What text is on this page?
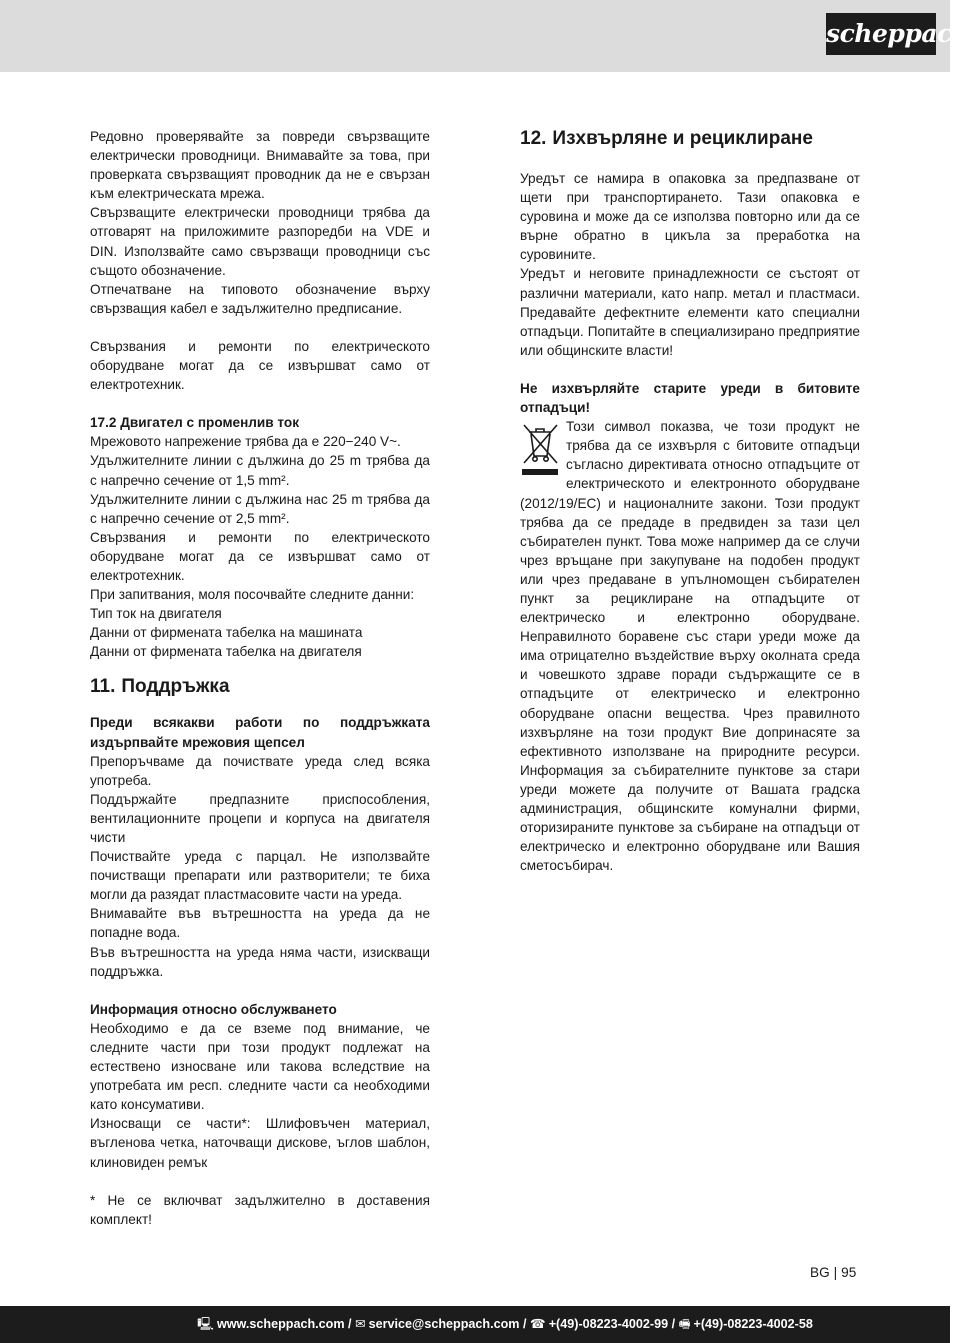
scheppach
Редовно проверявайте за повреди свързващите електрически проводници. Внимавайте за това, при проверката свързващият проводник да не е свързан към електрическата мрежа.
Свързващите електрически проводници трябва да отговарят на приложимите разпоредби на VDE и DIN. Използвайте само свързващи проводници със същото обозначение.
Отпечатване на типовото обозначение върху свързващия кабел е задължително предписание.
Свързвания и ремонти по електрическото оборудване могат да се извършват само от електротехник.
17.2 Двигател с променлив ток
Мрежовото напрежение трябва да е 220−240 V~.
Удължителните линии с дължина до 25 m трябва да с напречно сечение от 1,5 mm².
Удължителните линии с дължина нас 25 m трябва да с напречно сечение от 2,5 mm².
Свързвания и ремонти по електрическото оборудване могат да се извършват само от електротехник.
При запитвания, моля посочвайте следните данни:
Тип ток на двигателя
Данни от фирмената табелка на машината
Данни от фирмената табелка на двигателя
11. Поддръжка
Преди всякакви работи по поддръжката издърпвайте мрежовия щепсел
Препоръчваме да почиствате уреда след всяка употреба.
Поддържайте предпазните приспособления, вентилационните процепи и корпуса на двигателя чисти
Почиствайте уреда с парцал. Не използвайте почистващи препарати или разтворители; те биха могли да разядат пластмасовите части на уреда.
Внимавайте във вътрешността на уреда да не попадне вода.
Във вътрешността на уреда няма части, изискващи поддръжка.
Информация относно обслужването
Необходимо е да се вземе под внимание, че следните части при този продукт подлежат на естествено износване или такова вследствие на употребата им респ. следните части са необходими като консумативи.
Износващи се части*: Шлифовъчен материал, въгленова четка, наточващи дискове, ъглов шаблон, клиновиден ремък
* Не се включват задължително в доставения комплект!
12. Изхвърляне и рециклиране
Уредът се намира в опаковка за предпазване от щети при транспортирането. Тази опаковка е суровина и може да се използва повторно или да се върне обратно в цикъла за преработка на суровините.
Уредът и неговите принадлежности се състоят от различни материали, като напр. метал и пластмаси. Предавайте дефектните елементи като специални отпадъци. Попитайте в специализирано предприятие или общинските власти!
Не изхвърляйте старите уреди в битовите отпадъци!
Този символ показва, че този продукт не трябва да се изхвърля с битовите отпадъци съгласно директивата относно отпадъците от електрическото и електронното оборудване (2012/19/ЕС) и националните закони. Този продукт трябва да се предаде в предвиден за тази цел събирателен пункт. Това може например да се случи чрез връщане при закупуване на подобен продукт или чрез предаване в упълномощен събирателен пункт за рециклиране на отпадъците от електрическо и електронно оборудване. Неправилното боравене със стари уреди може да има отрицателно въздействие върху околната среда и човешкото здраве поради съдържащите се в отпадъците от електрическо и електронно оборудване опасни вещества. Чрез правилното изхвърляне на този продукт Вие допринасяте за ефективното използване на природните ресурси. Информация за събирателните пунктове за стари уреди можете да получите от Вашата градска администрация, общинските комунални фирми, оторизираните пунктове за събиране на отпадъци от електрическо и електронно оборудване или Вашия сметосъбирач.
BG | 95
🖳︎ www.scheppach.com / ✉︎ service@scheppach.com / ☎︎ +(49)-08223-4002-99 / 🖷︎ +(49)-08223-4002-58
